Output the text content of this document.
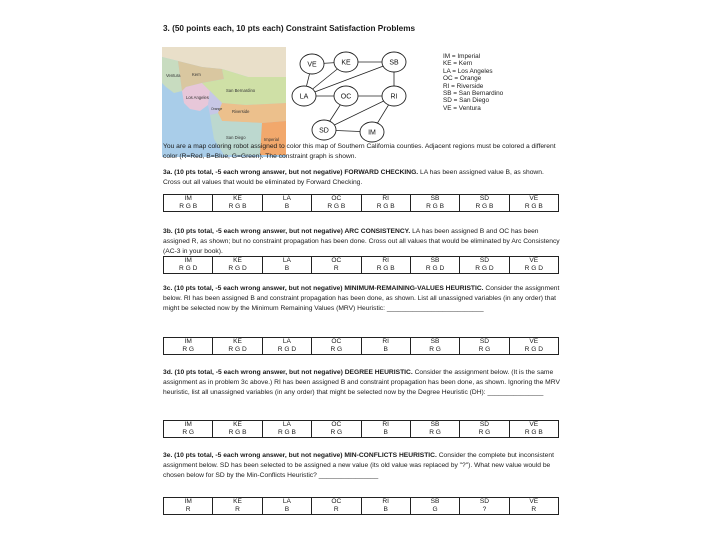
3. (50 points each, 10 pts each) Constraint Satisfaction Problems
Ventura	Kern
Los Angeles
San Bernardino
Riverside
Orange
San Diego	Imperial
VE	KE	SB
LA	OC	RI
SD	IM
IM = Imperial
KE = Kern
LA = Los Angeles
OC = Orange
RI = Riverside
SB = San Bernardino
SD = San Diego
VE = Ventura
You are a map coloring robot assigned to color this map of Southern California counties. Adjacent regions must be colored a different color (R=Red, B=Blue, G=Green). The constraint graph is shown.
3a. (10 pts total, -5 each wrong answer, but not negative) FORWARD CHECKING. LA has been assigned value B, as shown. Cross out all values that would be eliminated by Forward Checking.
IM	KE	LA	OC	RI	SB	SD	VE
R G B	R G B	B	R G B	R G B	R G B	R G B	R G B
3b. (10 pts total, -5 each wrong answer, but not negative) ARC CONSISTENCY. LA has been assigned B and OC has been assigned R, as shown; but no constraint propagation has been done. Cross out all values that would be eliminated by Arc Consistency (AC-3 in your book).
IM	KE	LA	OC	RI	SB	SD	VE
R G D	R G D	B	R	R G B	R G D	R G D	R G D
3c. (10 pts total, -5 each wrong answer, but not negative) MINIMUM-REMAINING-VALUES HEURISTIC. Consider the assignment below. RI has been assigned B and constraint propagation has been done, as shown. List all unassigned variables (in any order) that might be selected now by the Minimum Remaining Values (MRV) Heuristic: __________________________
IM	KE	LA	OC	RI	SB	SD	VE
R G	R G D	R G D	R G	B	R G	R G	R G D
3d. (10 pts total, -5 each wrong answer, but not negative) DEGREE HEURISTIC. Consider the assignment below. (It is the same assignment as in problem 3c above.) RI has been assigned B and constraint propagation has been done, as shown. Ignoring the MRV heuristic, list all unassigned variables (in any order) that might be selected now by the Degree Heuristic (DH): _______________
IM	KE	LA	OC	RI	SB	SD	VE
R G	R G B	R G B	R G	B	R G	R G	R G B
3e. (10 pts total, -5 each wrong answer, but not negative) MIN-CONFLICTS HEURISTIC. Consider the complete but inconsistent assignment below. SD has been selected to be assigned a new value (its old value was replaced by "?"). What new value would be chosen below for SD by the Min-Conflicts Heuristic? ________________
IM	KE	LA	OC	RI	SB	SD	VE
R	R	B	R	B	G	?	R
